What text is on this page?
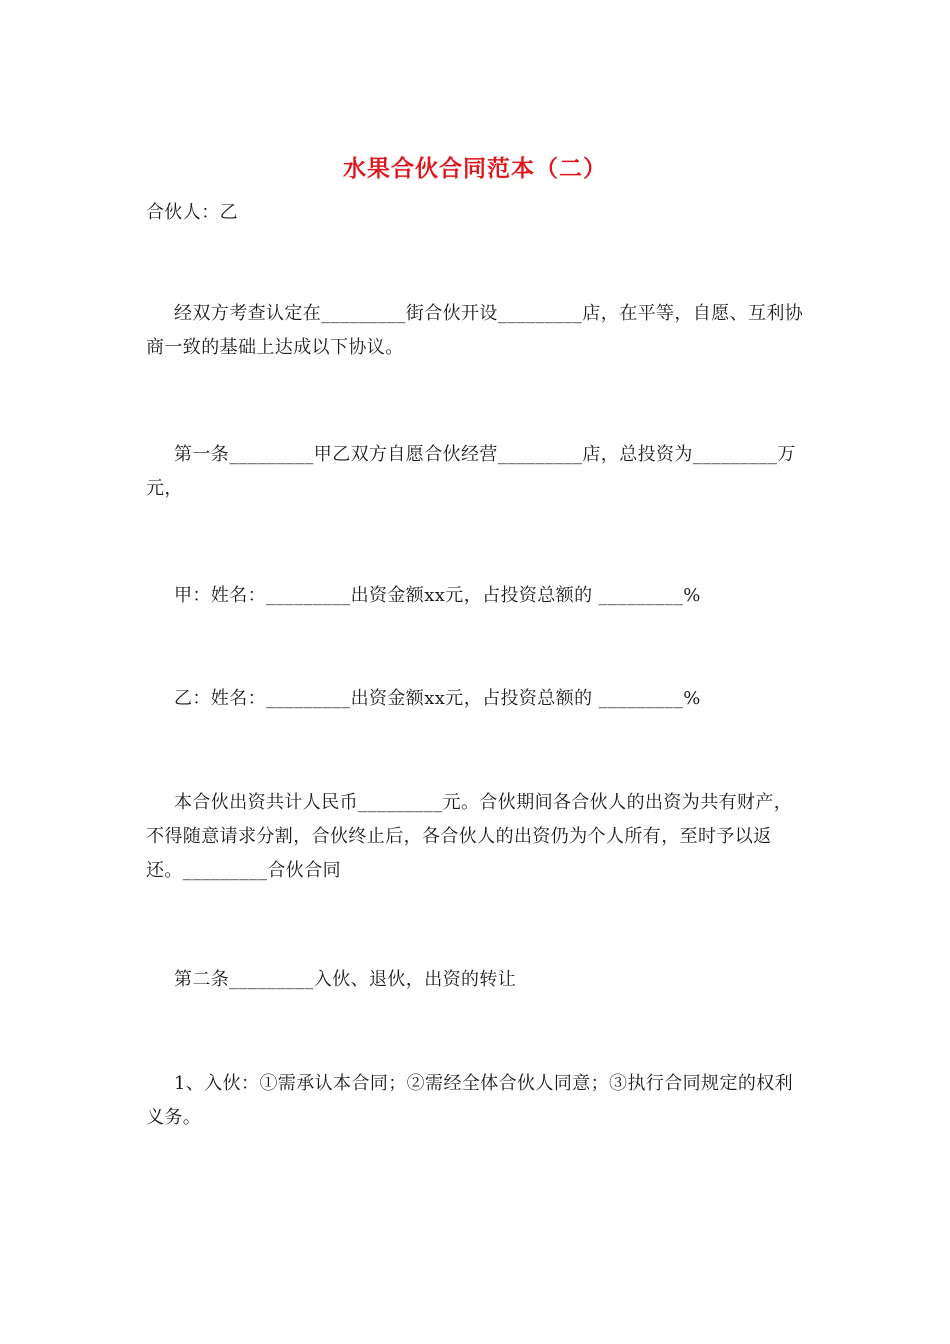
水果合伙合同范本（二）

合伙人：乙

经双方考查认定在_________街合伙开设_________店，在平等，自愿、互利协商一致的基础上达成以下协议。

第一条_________甲乙双方自愿合伙经营_________店，总投资为_________万元，

甲：姓名：_________出资金额xx元，占投资总额的 _________%

乙：姓名：_________出资金额xx元，占投资总额的 _________%

本合伙出资共计人民币_________元。合伙期间各合伙人的出资为共有财产，不得随意请求分割，合伙终止后，各合伙人的出资仍为个人所有，至时予以返还。_________合伙合同

第二条_________入伙、退伙，出资的转让

1、入伙：①需承认本合同；②需经全体合伙人同意；③执行合同规定的权利义务。
